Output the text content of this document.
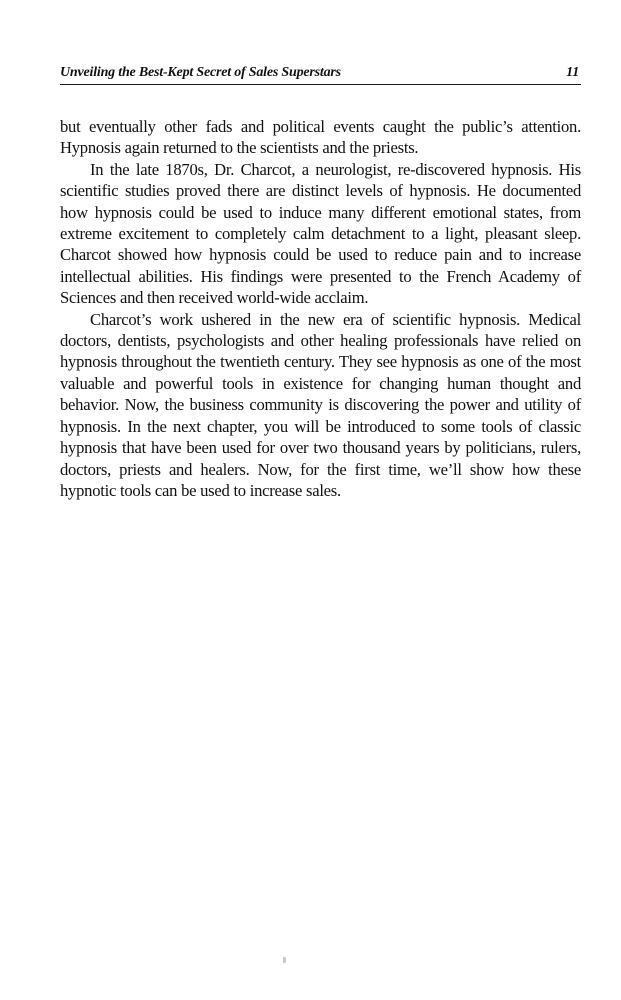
Unveiling the Best-Kept Secret of Sales Superstars	11

but eventually other fads and political events caught the public’s attention. Hypnosis again returned to the scientists and the priests.

In the late 1870s, Dr. Charcot, a neurologist, re-discovered hypnosis. His scientific studies proved there are distinct levels of hypnosis. He documented how hypnosis could be used to induce many different emotional states, from extreme excitement to completely calm detachment to a light, pleasant sleep. Charcot showed how hypnosis could be used to reduce pain and to increase intellectual abilities. His findings were presented to the French Academy of Sciences and then received world-wide acclaim.

Charcot’s work ushered in the new era of scientific hypnosis. Medical doctors, dentists, psychologists and other healing professionals have relied on hypnosis throughout the twentieth century. They see hypnosis as one of the most valuable and powerful tools in existence for changing human thought and behavior. Now, the business community is discovering the power and utility of hypnosis. In the next chapter, you will be introduced to some tools of classic hypnosis that have been used for over two thousand years by politicians, rulers, doctors, priests and healers. Now, for the first time, we’ll show how these hypnotic tools can be used to increase sales.
